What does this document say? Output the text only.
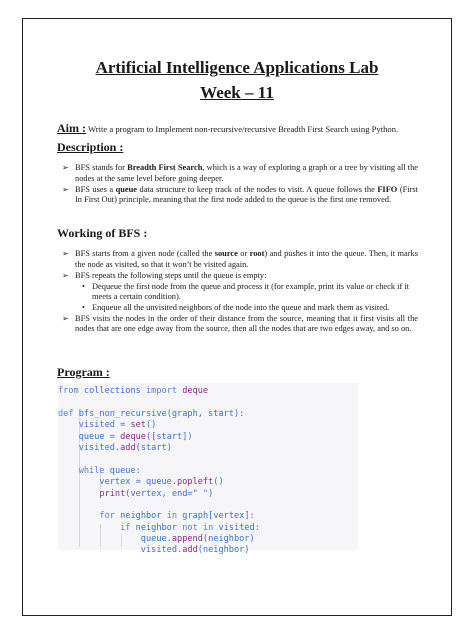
Artificial Intelligence Applications Lab
Week – 11
Aim : Write a program to Implement non-recursive/recursive Breadth First Search using Python.
Description :
➢ BFS stands for Breadth First Search, which is a way of exploring a graph or a tree by visiting all the nodes at the same level before going deeper.
➢ BFS uses a queue data structure to keep track of the nodes to visit. A queue follows the FIFO (First In First Out) principle, meaning that the first node added to the queue is the first one removed.
Working of BFS :
➢ BFS starts from a given node (called the source or root) and pushes it into the queue. Then, it marks the node as visited, so that it won’t be visited again.
➢ BFS repeats the following steps until the queue is empty:
• Dequeue the first node from the queue and process it (for example, print its value or check if it meets a certain condition).
• Enqueue all the unvisited neighbors of the node into the queue and mark them as visited.
➢ BFS visits the nodes in the order of their distance from the source, meaning that it first visits all the nodes that are one edge away from the source, then all the nodes that are two edges away, and so on.
Program :
from collections import deque

def bfs_non_recursive(graph, start):
visited = set()
queue = deque([start])
visited.add(start)

while queue:
vertex = queue.popleft()
print(vertex, end=" ")

for neighbor in graph[vertex]:
if neighbor not in visited:
queue.append(neighbor)
visited.add(neighbor)
